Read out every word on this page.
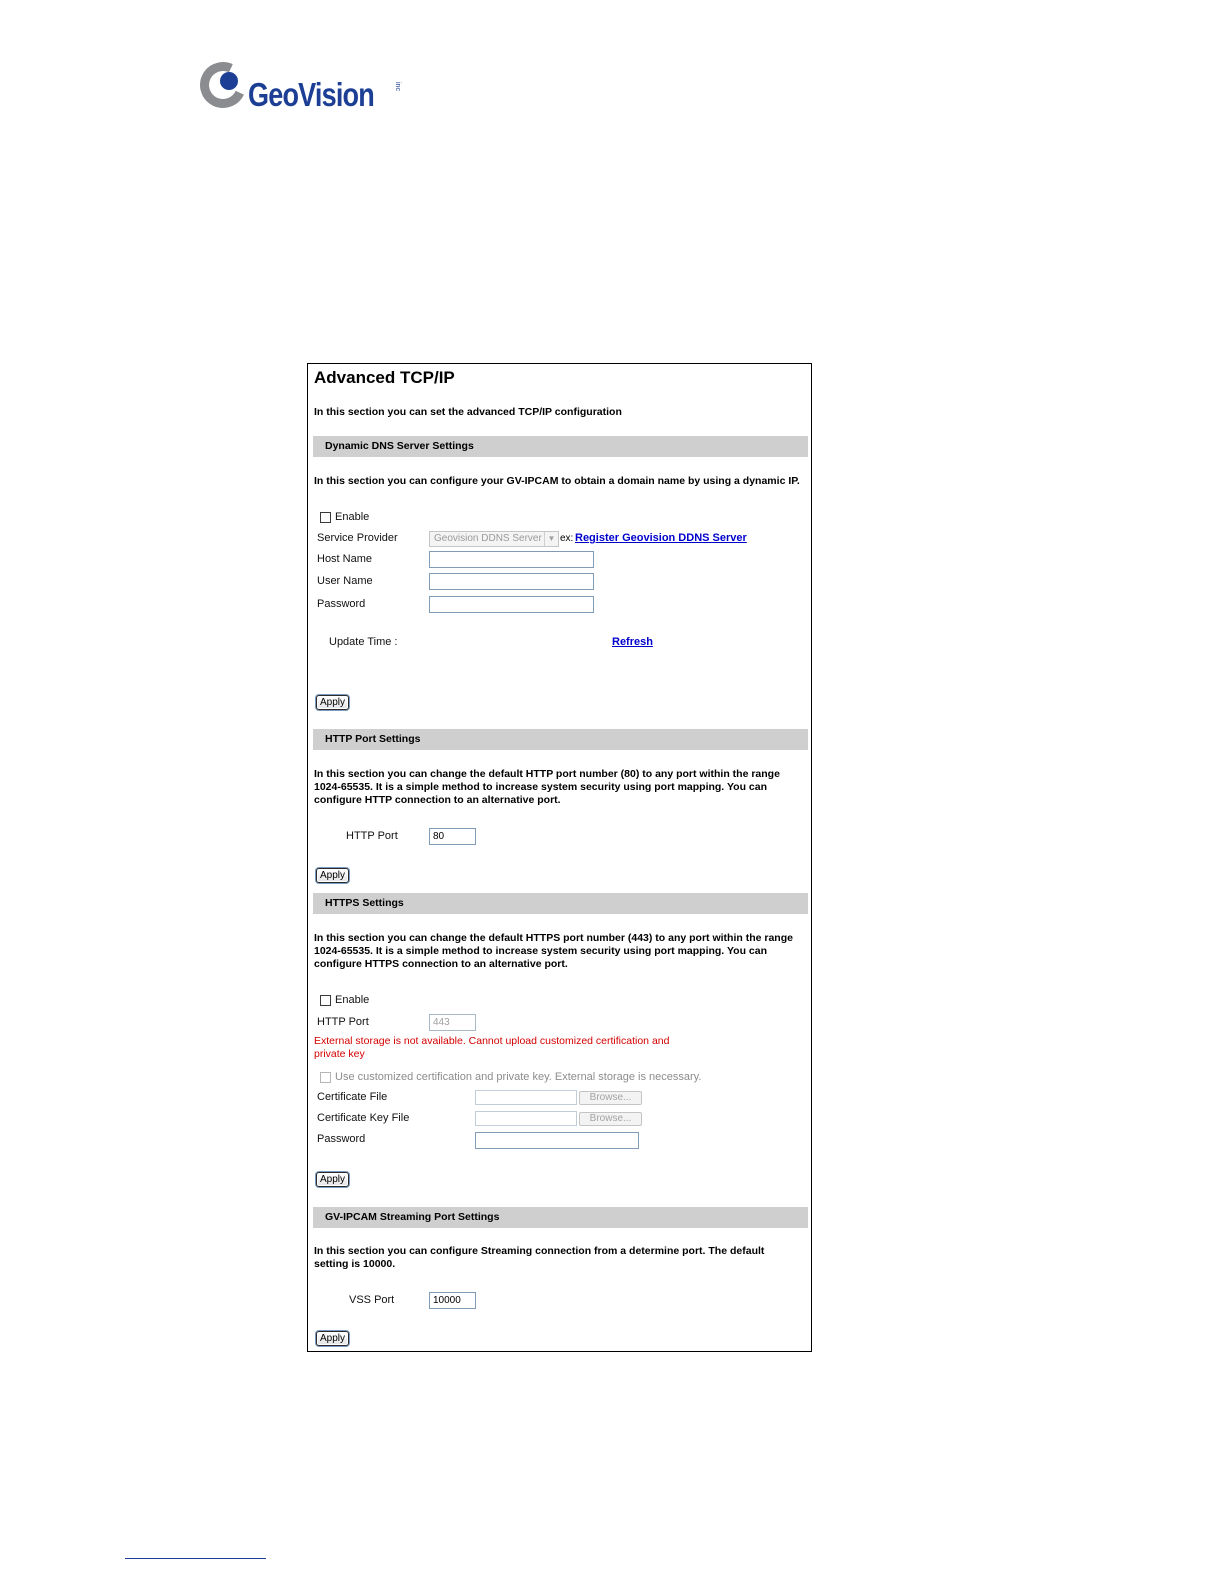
GeoVision	inc
Advanced TCP/IP
In this section you can set the advanced TCP/IP configuration
Dynamic DNS Server Settings
In this section you can configure your GV-IPCAM to obtain a domain name by using a dynamic IP.
Enable
Service Provider	Geovision DDNS Server ▼ ex: Register Geovision DDNS Server
Host Name
User Name
Password
Update Time :	Refresh
Apply
HTTP Port Settings
In this section you can change the default HTTP port number (80) to any port within the range
1024-65535. It is a simple method to increase system security using port mapping. You can
configure HTTP connection to an alternative port.
HTTP Port	80
Apply
HTTPS Settings
In this section you can change the default HTTPS port number (443) to any port within the range
1024-65535. It is a simple method to increase system security using port mapping. You can
configure HTTPS connection to an alternative port.
Enable
HTTP Port	443
External storage is not available. Cannot upload customized certification and
private key
Use customized certification and private key. External storage is necessary.
Certificate File	Browse...
Certificate Key File	Browse...
Password
Apply
GV-IPCAM Streaming Port Settings
In this section you can configure Streaming connection from a determine port. The default
setting is 10000.
VSS Port	10000
Apply
